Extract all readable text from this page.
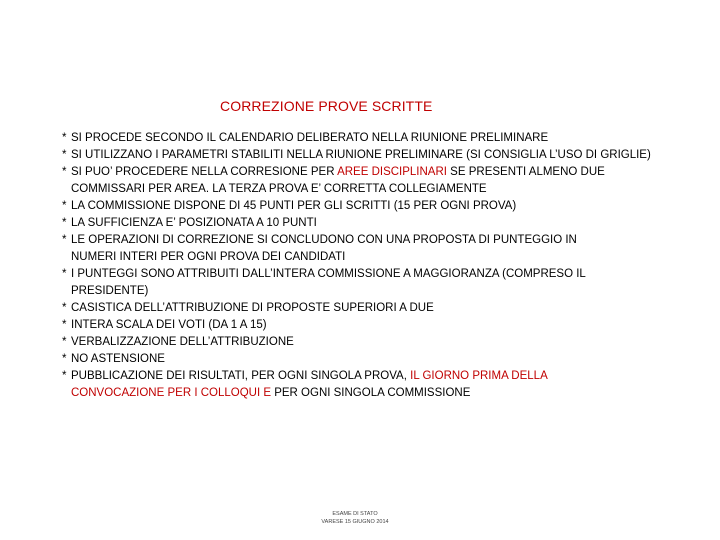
CORREZIONE PROVE SCRITTE
* SI PROCEDE SECONDO IL CALENDARIO DELIBERATO NELLA RIUNIONE PRELIMINARE
* SI UTILIZZANO I PARAMETRI STABILITI NELLA RIUNIONE PRELIMINARE (SI CONSIGLIA L’USO DI GRIGLIE)
* SI PUO’ PROCEDERE NELLA CORRESIONE PER AREE DISCIPLINARI SE PRESENTI ALMENO DUE
COMMISSARI PER AREA. LA TERZA PROVA E’ CORRETTA COLLEGIAMENTE
* LA COMMISSIONE DISPONE DI 45 PUNTI PER GLI SCRITTI (15 PER OGNI PROVA)
* LA SUFFICIENZA E’ POSIZIONATA A 10 PUNTI
* LE OPERAZIONI DI CORREZIONE SI CONCLUDONO CON UNA PROPOSTA DI PUNTEGGIO IN
NUMERI INTERI PER OGNI PROVA DEI CANDIDATI
* I PUNTEGGI SONO ATTRIBUITI DALL’INTERA COMMISSIONE A MAGGIORANZA (COMPRESO IL
PRESIDENTE)
* CASISTICA DELL’ATTRIBUZIONE DI PROPOSTE SUPERIORI A DUE
* INTERA SCALA DEI VOTI (DA 1 A 15)
* VERBALIZZAZIONE DELL’ATTRIBUZIONE
* NO ASTENSIONE
* PUBBLICAZIONE DEI RISULTATI, PER OGNI SINGOLA PROVA, IL GIORNO PRIMA DELLA
CONVOCAZIONE PER I COLLOQUI E PER OGNI SINGOLA COMMISSIONE
ESAME DI STATO
VARESE 15 GIUGNO 2014
